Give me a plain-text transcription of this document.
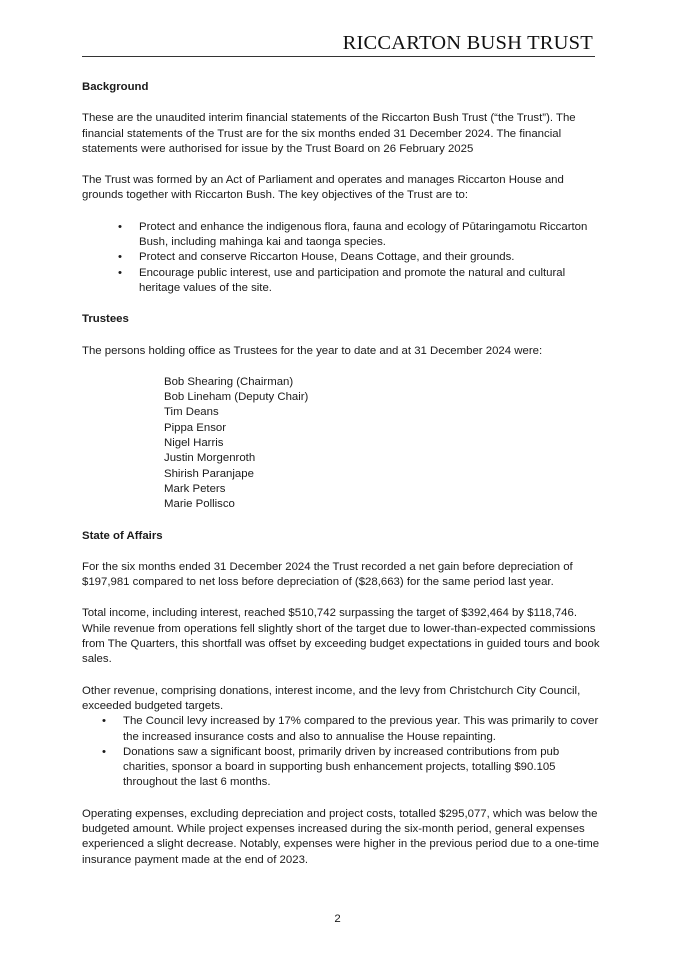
RICCARTON BUSH TRUST

Background

These are the unaudited interim financial statements of the Riccarton Bush Trust (“the Trust”). The financial statements of the Trust are for the six months ended 31 December 2024. The financial statements were authorised for issue by the Trust Board on 26 February 2025

The Trust was formed by an Act of Parliament and operates and manages Riccarton House and grounds together with Riccarton Bush. The key objectives of the Trust are to:

• Protect and enhance the indigenous flora, fauna and ecology of Pūtaringamotu Riccarton Bush, including mahinga kai and taonga species.
• Protect and conserve Riccarton House, Deans Cottage, and their grounds.
• Encourage public interest, use and participation and promote the natural and cultural heritage values of the site.

Trustees

The persons holding office as Trustees for the year to date and at 31 December 2024 were:

Bob Shearing (Chairman)
Bob Lineham (Deputy Chair)
Tim Deans
Pippa Ensor
Nigel Harris
Justin Morgenroth
Shirish Paranjape
Mark Peters
Marie Pollisco

State of Affairs

For the six months ended 31 December 2024 the Trust recorded a net gain before depreciation of $197,981 compared to net loss before depreciation of ($28,663) for the same period last year.

Total income, including interest, reached $510,742 surpassing the target of $392,464 by $118,746. While revenue from operations fell slightly short of the target due to lower-than-expected commissions from The Quarters, this shortfall was offset by exceeding budget expectations in guided tours and book sales.

Other revenue, comprising donations, interest income, and the levy from Christchurch City Council, exceeded budgeted targets.

• The Council levy increased by 17% compared to the previous year. This was primarily to cover the increased insurance costs and also to annualise the House repainting.
• Donations saw a significant boost, primarily driven by increased contributions from pub charities, sponsor a board in supporting bush enhancement projects, totalling $90.105 throughout the last 6 months.

Operating expenses, excluding depreciation and project costs, totalled $295,077, which was below the budgeted amount. While project expenses increased during the six-month period, general expenses experienced a slight decrease. Notably, expenses were higher in the previous period due to a one-time insurance payment made at the end of 2023.

2
